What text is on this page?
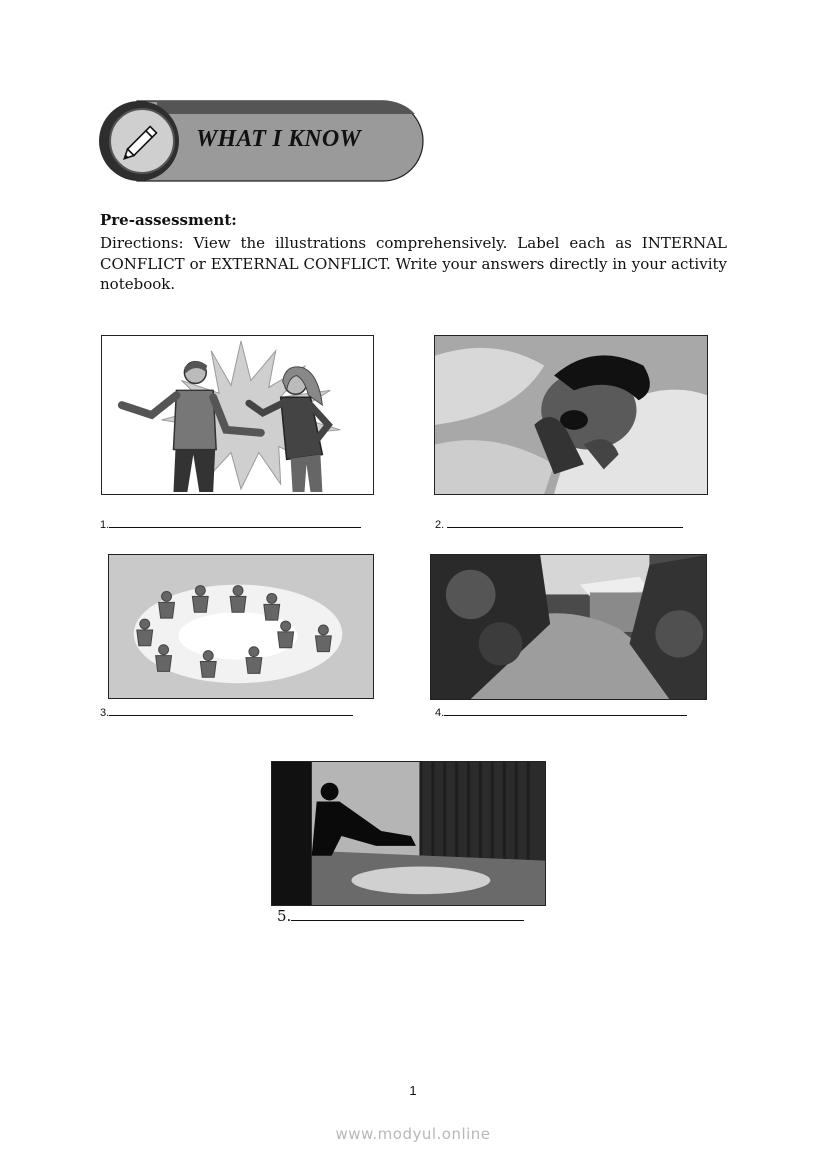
WHAT I KNOW
Pre-assessment:
Directions: View the illustrations comprehensively. Label each as INTERNAL CONFLICT or EXTERNAL CONFLICT. Write your answers directly in your activity notebook.
1.	2.
3.	4.
5.
1
www.modyul.online
